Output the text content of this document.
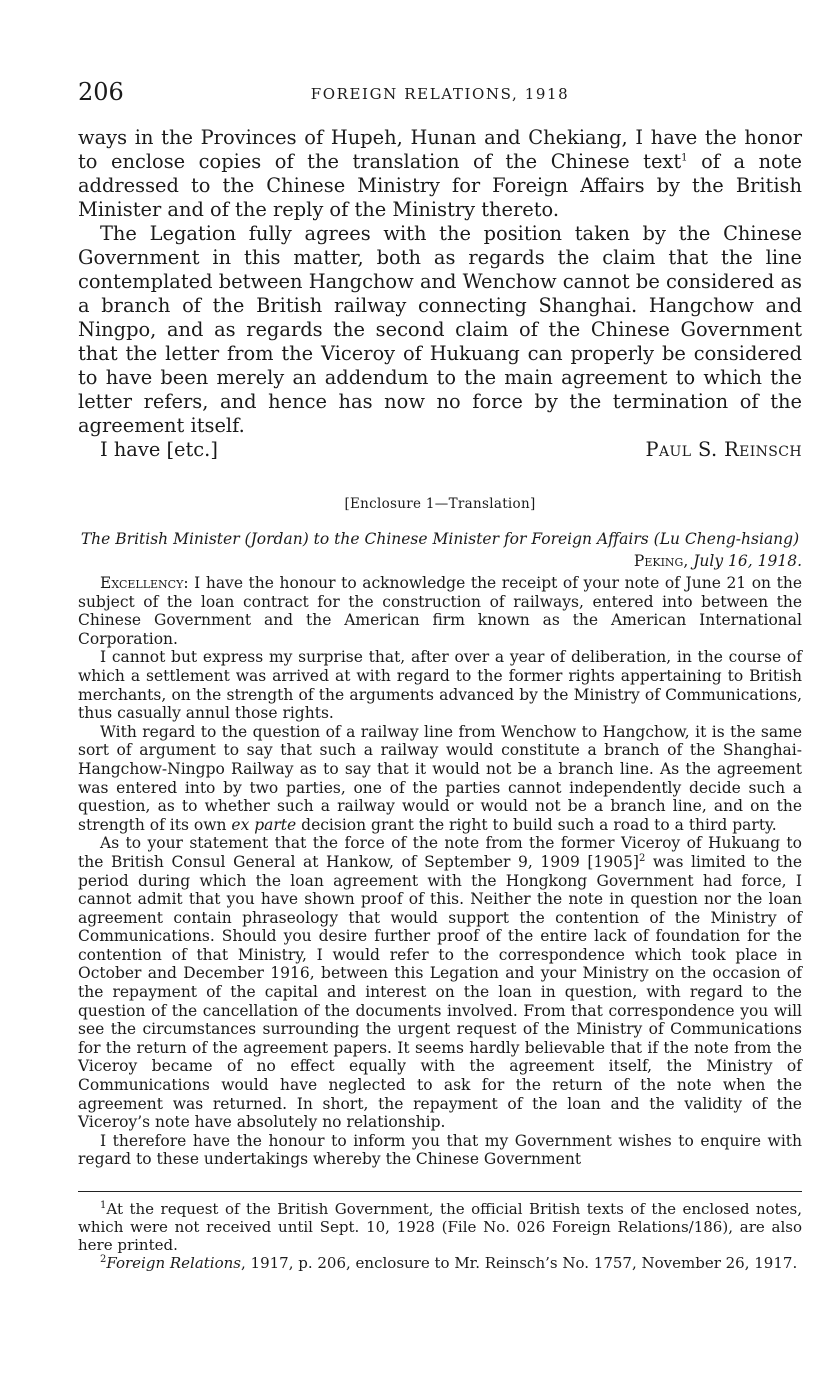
206	FOREIGN RELATIONS, 1918

ways in the Provinces of Hupeh, Hunan and Chekiang, I have the honor to enclose copies of the translation of the Chinese text$^1$ of a note addressed to the Chinese Ministry for Foreign Affairs by the British Minister and of the reply of the Ministry thereto.

The Legation fully agrees with the position taken by the Chinese Government in this matter, both as regards the claim that the line contemplated between Hangchow and Wenchow cannot be considered as a branch of the British railway connecting Shanghai. Hangchow and Ningpo, and as regards the second claim of the Chinese Government that the letter from the Viceroy of Hukuang can properly be considered to have been merely an addendum to the main agreement to which the letter refers, and hence has now no force by the termination of the agreement itself.

I have [etc.]	Paul S. Reinsch
[Enclosure 1—Translation]
The British Minister (Jordan) to the Chinese Minister for Foreign Affairs (Lu Cheng-hsiang)
Peking, July 16, 1918.

Excellency: I have the honour to acknowledge the receipt of your note of June 21 on the subject of the loan contract for the construction of railways, entered into between the Chinese Government and the American firm known as the American International Corporation.

I cannot but express my surprise that, after over a year of deliberation, in the course of which a settlement was arrived at with regard to the former rights appertaining to British merchants, on the strength of the arguments advanced by the Ministry of Communications, thus casually annul those rights.

With regard to the question of a railway line from Wenchow to Hangchow, it is the same sort of argument to say that such a railway would constitute a branch of the Shanghai-Hangchow-Ningpo Railway as to say that it would not be a branch line. As the agreement was entered into by two parties, one of the parties cannot independently decide such a question, as to whether such a railway would or would not be a branch line, and on the strength of its own ex parte decision grant the right to build such a road to a third party.

As to your statement that the force of the note from the former Viceroy of Hukuang to the British Consul General at Hankow, of September 9, 1909 $[1905]^2$ was limited to the period during which the loan agreement with the Hongkong Government had force, I cannot admit that you have shown proof of this. Neither the note in question nor the loan agreement contain phraseology that would support the contention of the Ministry of Communications. Should you desire further proof of the entire lack of foundation for the contention of that Ministry, I would refer to the correspondence which took place in October and December 1916, between this Legation and your Ministry on the occasion of the repayment of the capital and interest on the loan in question, with regard to the question of the cancellation of the documents involved. From that correspondence you will see the circumstances surrounding the urgent request of the Ministry of Communications for the return of the agreement papers. It seems hardly believable that if the note from the Viceroy became of no effect equally with the agreement itself, the Ministry of Communications would have neglected to ask for the return of the note when the agreement was returned. In short, the repayment of the loan and the validity of the Viceroy’s note have absolutely no relationship.

I therefore have the honour to inform you that my Government wishes to enquire with regard to these undertakings whereby the Chinese Government

$^1$At the request of the British Government, the official British texts of the enclosed notes, which were not received until Sept. 10, 1928 (File No. 026 Foreign Relations/186), are also here printed.

$^2$Foreign Relations, 1917, p. 206, enclosure to Mr. Reinsch’s No. 1757, November 26, 1917.
